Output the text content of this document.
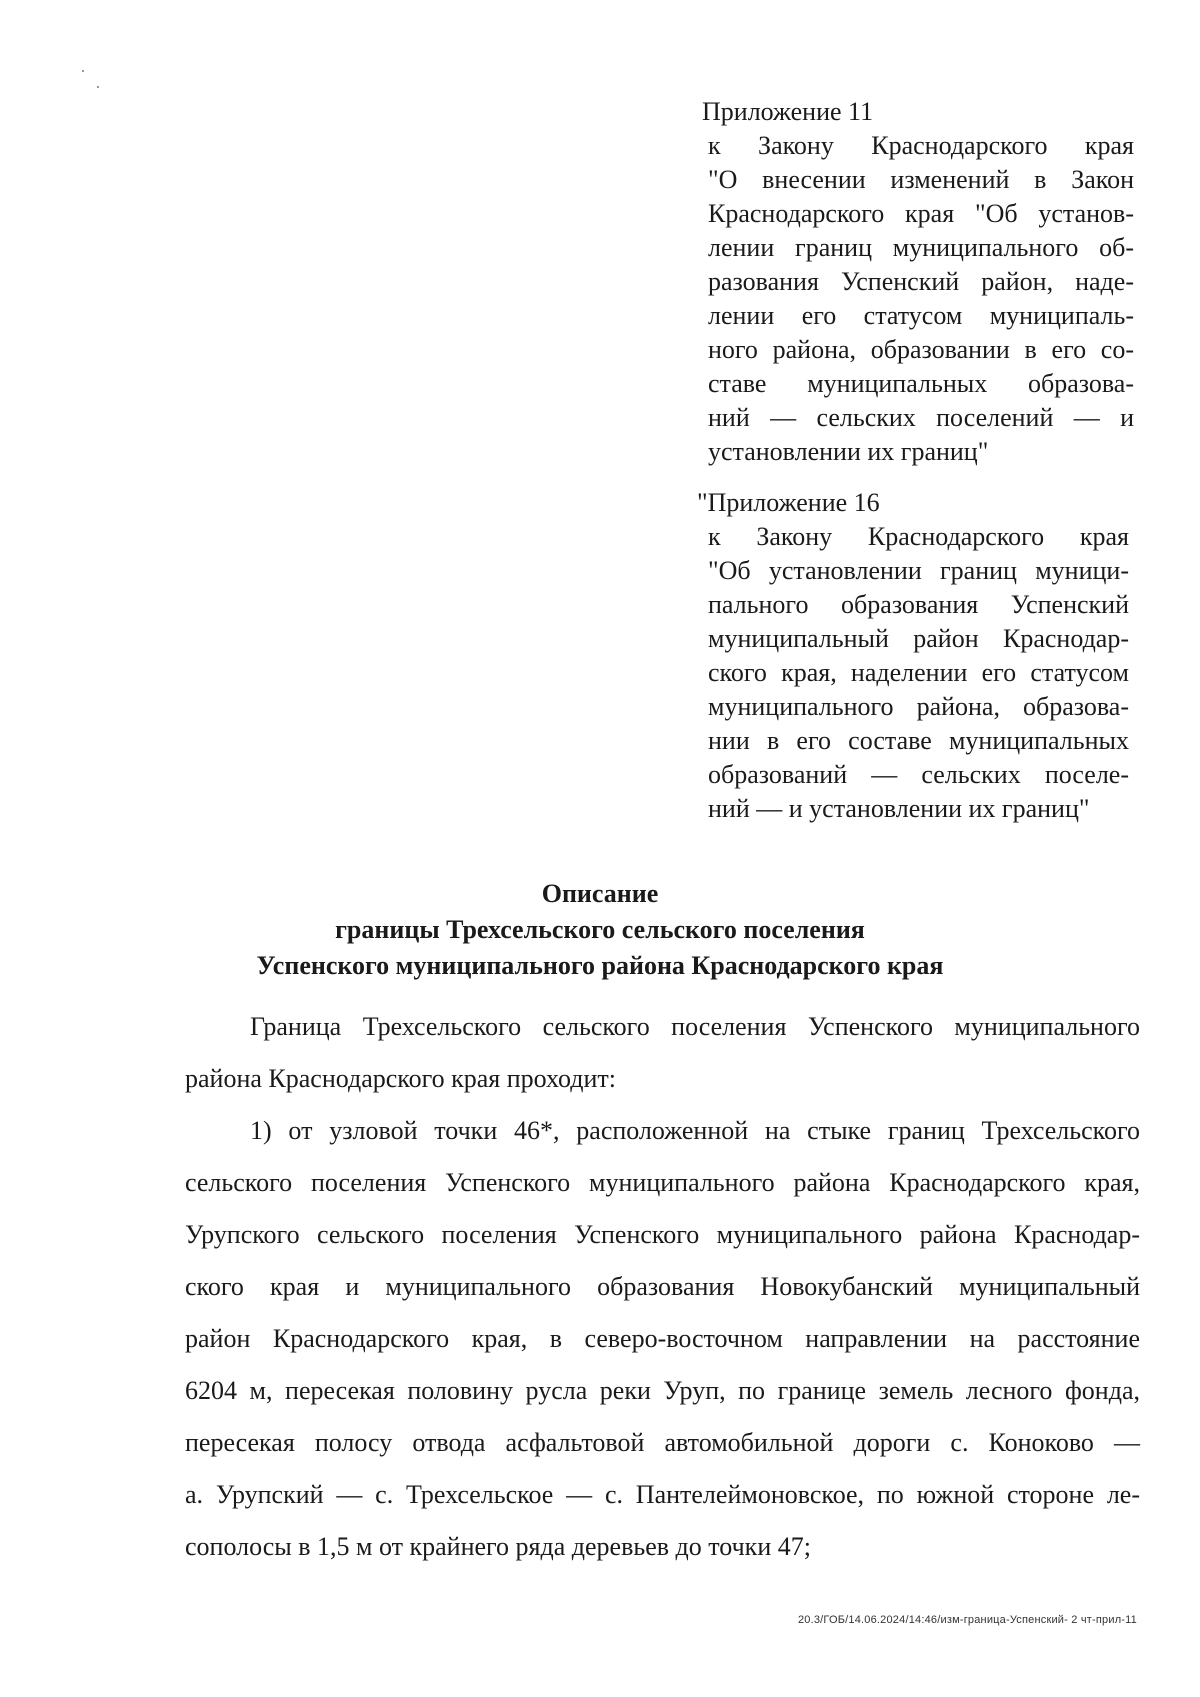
Приложение 11
к Закону Краснодарского края
"О внесении изменений в Закон
Краснодарского края "Об установ-
лении границ муниципального об-
разования Успенский район, наде-
лении его статусом муниципаль-
ного района, образовании в его со-
ставе муниципальных образова-
ний — сельских поселений — и
установлении их границ"
"Приложение 16
к Закону Краснодарского края
"Об установлении границ муници-
пального образования Успенский
муниципальный район Краснодар-
ского края, наделении его статусом
муниципального района, образова-
нии в его составе муниципальных
образований — сельских поселе-
ний — и установлении их границ"
Описание
границы Трехсельского сельского поселения
Успенского муниципального района Краснодарского края
Граница Трехсельского сельского поселения Успенского муниципального
района Краснодарского края проходит:
1) от узловой точки 46*, расположенной на стыке границ Трехсельского
сельского поселения Успенского муниципального района Краснодарского края,
Урупского сельского поселения Успенского муниципального района Краснодар-
ского края и муниципального образования Новокубанский муниципальный
район Краснодарского края, в северо-восточном направлении на расстояние
6204 м, пересекая половину русла реки Уруп, по границе земель лесного фонда,
пересекая полосу отвода асфальтовой автомобильной дороги с. Коноково —
а. Урупский — с. Трехсельское — с. Пантелеймоновское, по южной стороне ле-
сополосы в 1,5 м от крайнего ряда деревьев до точки 47;
20.3/ГОБ/14.06.2024/14:46/изм-граница-Успенский- 2 чт-прил-11
